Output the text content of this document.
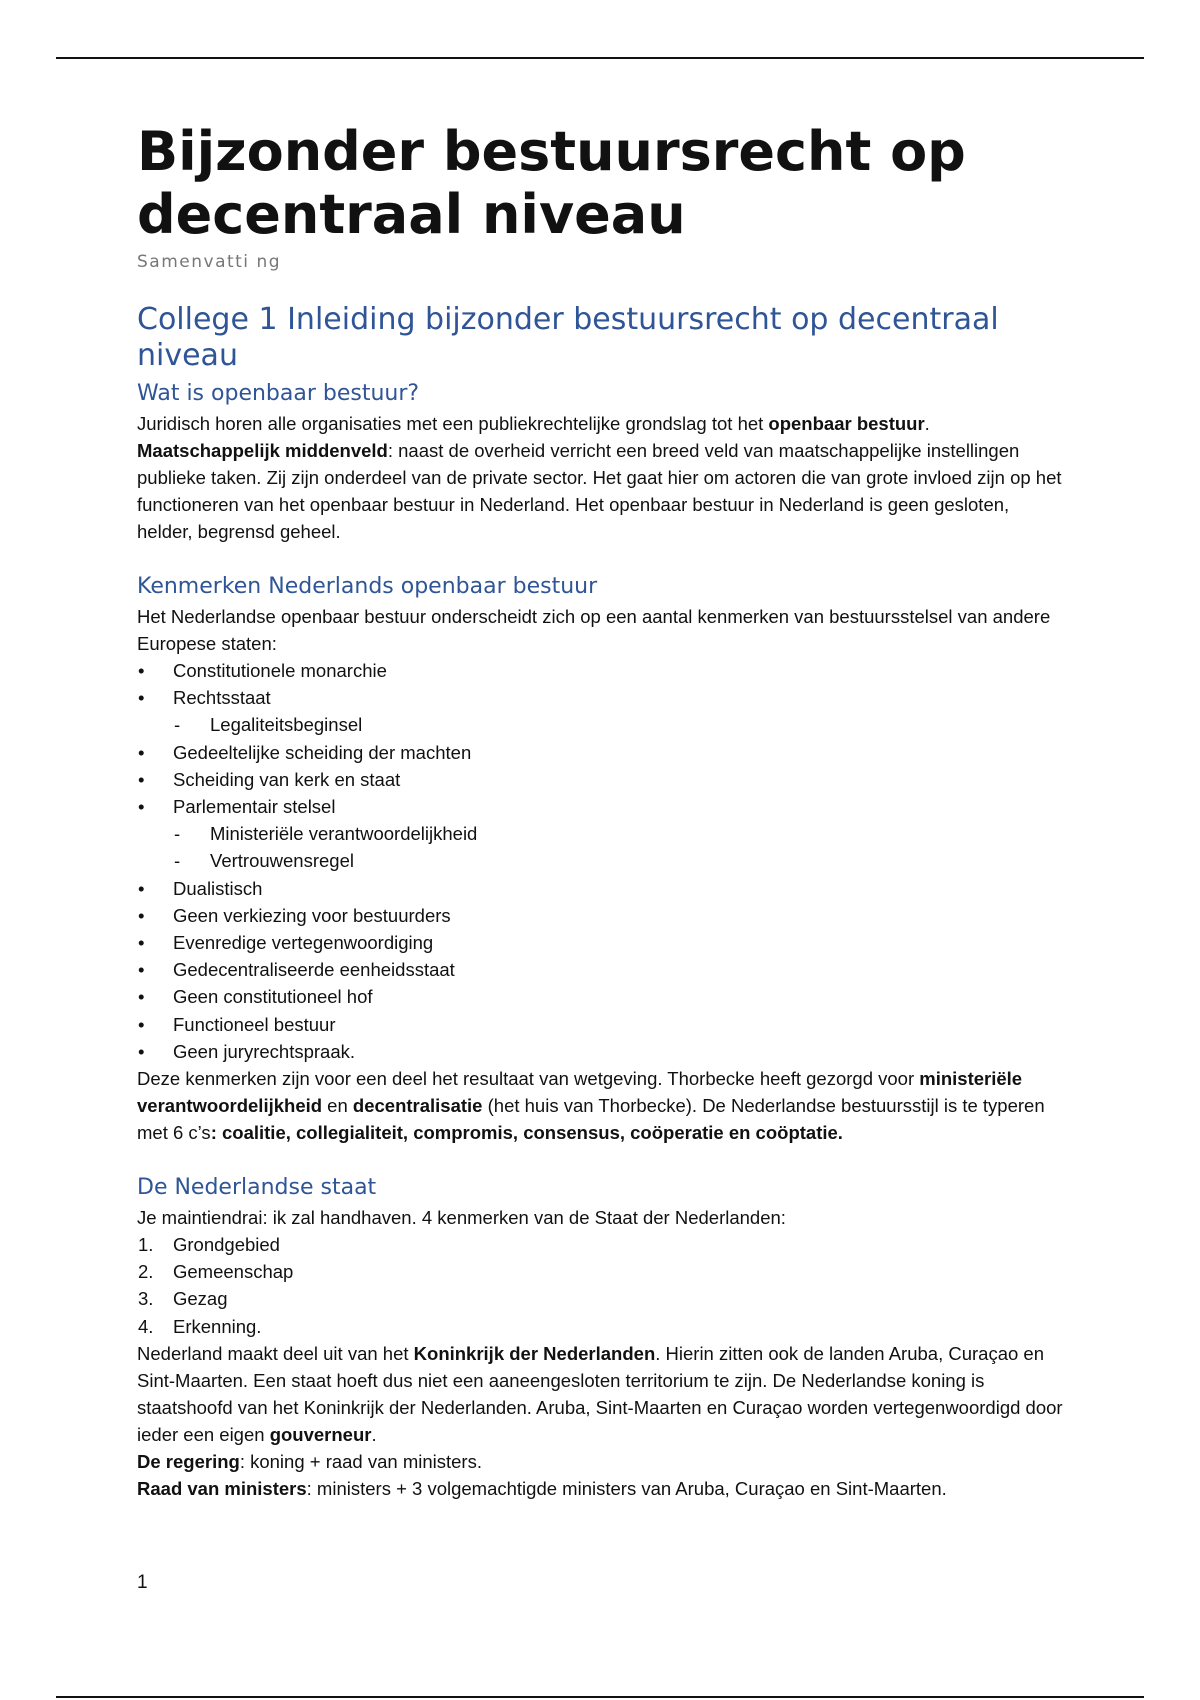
Bijzonder bestuursrecht op decentraal niveau
Samenvatti ng
College 1 Inleiding bijzonder bestuursrecht op decentraal niveau
Wat is openbaar bestuur?

Juridisch horen alle organisaties met een publiekrechtelijke grondslag tot het openbaar bestuur. Maatschappelijk middenveld: naast de overheid verricht een breed veld van maatschappelijke instellingen publieke taken. Zij zijn onderdeel van de private sector. Het gaat hier om actoren die van grote invloed zijn op het functioneren van het openbaar bestuur in Nederland. Het openbaar bestuur in Nederland is geen gesloten, helder, begrensd geheel.

Kenmerken Nederlands openbaar bestuur

Het Nederlandse openbaar bestuur onderscheidt zich op een aantal kenmerken van bestuursstelsel van andere Europese staten:

• Constitutionele monarchie
• Rechtsstaat
- Legaliteitsbeginsel
• Gedeeltelijke scheiding der machten
• Scheiding van kerk en staat
• Parlementair stelsel
- Ministeriële verantwoordelijkheid
- Vertrouwensregel
• Dualistisch
• Geen verkiezing voor bestuurders
• Evenredige vertegenwoordiging
• Gedecentraliseerde eenheidsstaat
• Geen constitutioneel hof
• Functioneel bestuur
• Geen juryrechtspraak.

Deze kenmerken zijn voor een deel het resultaat van wetgeving. Thorbecke heeft gezorgd voor ministeriële verantwoordelijkheid en decentralisatie (het huis van Thorbecke). De Nederlandse bestuursstijl is te typeren met 6 c’s: coalitie, collegialiteit, compromis, consensus, coöperatie en coöptatie.

De Nederlandse staat

Je maintiendrai: ik zal handhaven. 4 kenmerken van de Staat der Nederlanden:

1. Grondgebied
2. Gemeenschap
3. Gezag
4. Erkenning.

Nederland maakt deel uit van het Koninkrijk der Nederlanden. Hierin zitten ook de landen Aruba, Curaçao en Sint-Maarten. Een staat hoeft dus niet een aaneengesloten territorium te zijn. De Nederlandse koning is staatshoofd van het Koninkrijk der Nederlanden. Aruba, Sint-Maarten en Curaçao worden vertegenwoordigd door ieder een eigen gouverneur.

De regering: koning + raad van ministers.

Raad van ministers: ministers + 3 volgemachtigde ministers van Aruba, Curaçao en Sint-Maarten.

1
